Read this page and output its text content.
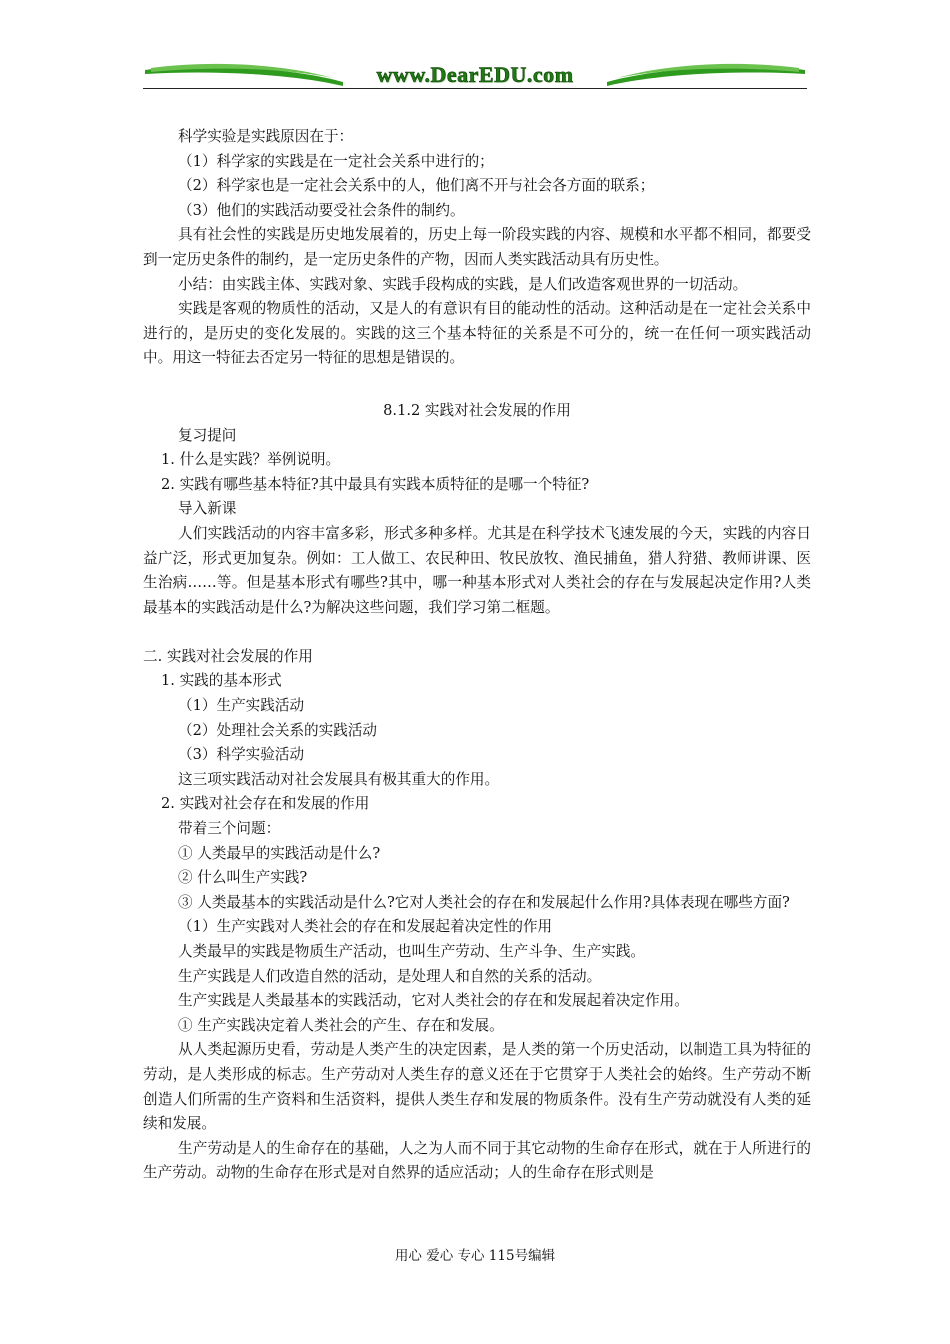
www.DearEDU.com

科学实验是实践原因在于：

（1）科学家的实践是在一定社会关系中进行的；

（2）科学家也是一定社会关系中的人，他们离不开与社会各方面的联系；

（3）他们的实践活动要受社会条件的制约。

具有社会性的实践是历史地发展着的，历史上每一阶段实践的内容、规模和水平都不相同，都要受到一定历史条件的制约，是一定历史条件的产物，因而人类实践活动具有历史性。

小结：由实践主体、实践对象、实践手段构成的实践，是人们改造客观世界的一切活动。

实践是客观的物质性的活动，又是人的有意识有目的能动性的活动。这种活动是在一定社会关系中进行的，是历史的变化发展的。实践的这三个基本特征的关系是不可分的，统一在任何一项实践活动中。用这一特征去否定另一特征的思想是错误的。

8.1.2 实践对社会发展的作用

复习提问

1. 什么是实践？举例说明。

2. 实践有哪些基本特征?其中最具有实践本质特征的是哪一个特征?

导入新课

人们实践活动的内容丰富多彩，形式多种多样。尤其是在科学技术飞速发展的今天，实践的内容日益广泛，形式更加复杂。例如：工人做工、农民种田、牧民放牧、渔民捕鱼，猎人狩猎、教师讲课、医生治病……等。但是基本形式有哪些?其中，哪一种基本形式对人类社会的存在与发展起决定作用?人类最基本的实践活动是什么?为解决这些问题，我们学习第二框题。

二. 实践对社会发展的作用

1. 实践的基本形式

（1）生产实践活动

（2）处理社会关系的实践活动

（3）科学实验活动

这三项实践活动对社会发展具有极其重大的作用。

2. 实践对社会存在和发展的作用

带着三个问题：

① 人类最早的实践活动是什么?

② 什么叫生产实践?

③ 人类最基本的实践活动是什么?它对人类社会的存在和发展起什么作用?具体表现在哪些方面?

（1）生产实践对人类社会的存在和发展起着决定性的作用

人类最早的实践是物质生产活动，也叫生产劳动、生产斗争、生产实践。

生产实践是人们改造自然的活动，是处理人和自然的关系的活动。

生产实践是人类最基本的实践活动，它对人类社会的存在和发展起着决定作用。

① 生产实践决定着人类社会的产生、存在和发展。

从人类起源历史看，劳动是人类产生的决定因素，是人类的第一个历史活动，以制造工具为特征的劳动，是人类形成的标志。生产劳动对人类生存的意义还在于它贯穿于人类社会的始终。生产劳动不断创造人们所需的生产资料和生活资料，提供人类生存和发展的物质条件。没有生产劳动就没有人类的延续和发展。

生产劳动是人的生命存在的基础，人之为人而不同于其它动物的生命存在形式，就在于人所进行的生产劳动。动物的生命存在形式是对自然界的适应活动；人的生命存在形式则是

用心 爱心 专心 115号编辑
